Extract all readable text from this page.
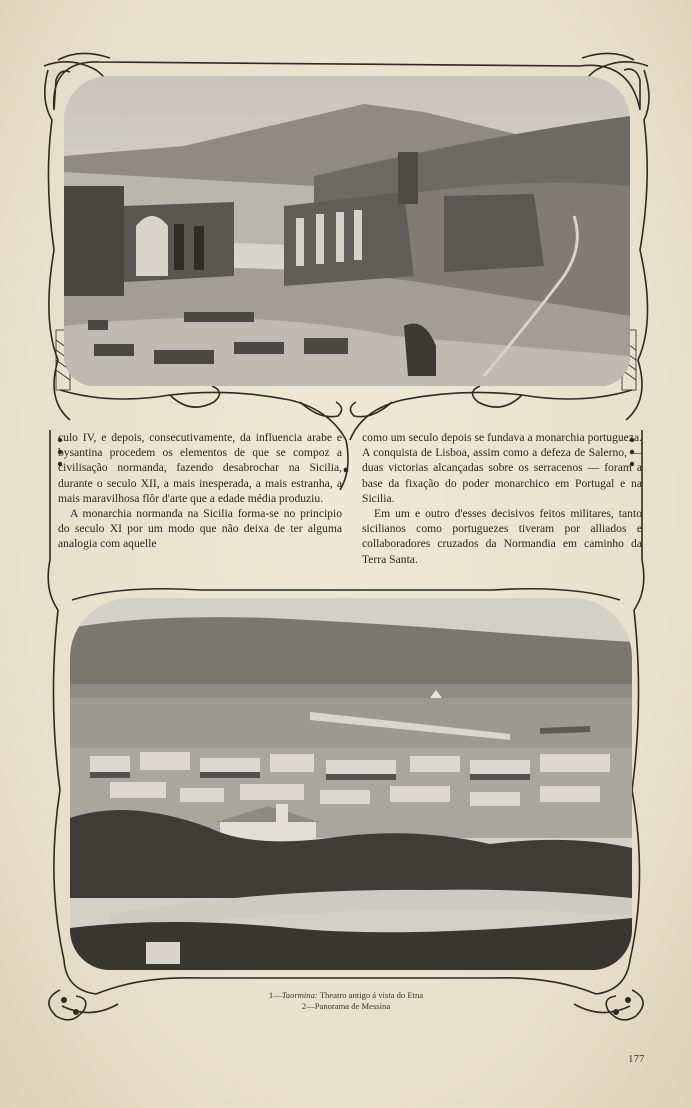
culo IV, e depois, consecutivamente, da influencia arabe e bysantina procedem os elementos de que se compoz a civilisação normanda, fazendo desabrochar na Sicilia, durante o seculo XII, a mais inesperada, a mais estranha, a mais maravilhosa flôr d'arte que a edade média produziu.

A monarchia normanda na Sicilia forma-se no principio do seculo XI por um modo que não deixa de ter alguma analogia com aquelle

como um seculo depois se fundava a monarchia portugueza. A conquista de Lisboa, assim como a defeza de Salerno, — duas victorias alcançadas sobre os serracenos — foram a base da fixação do poder monarchico em Portugal e na Sicilia.

Em um e outro d'esses decisivos feitos militares, tanto sicilianos como portuguezes tiveram por alliados e collaboradores cruzados da Normandia em caminho da Terra Santa.

1—Taormina: Theatro antigo á vista do Etna
2—Panorama de Messina
177
